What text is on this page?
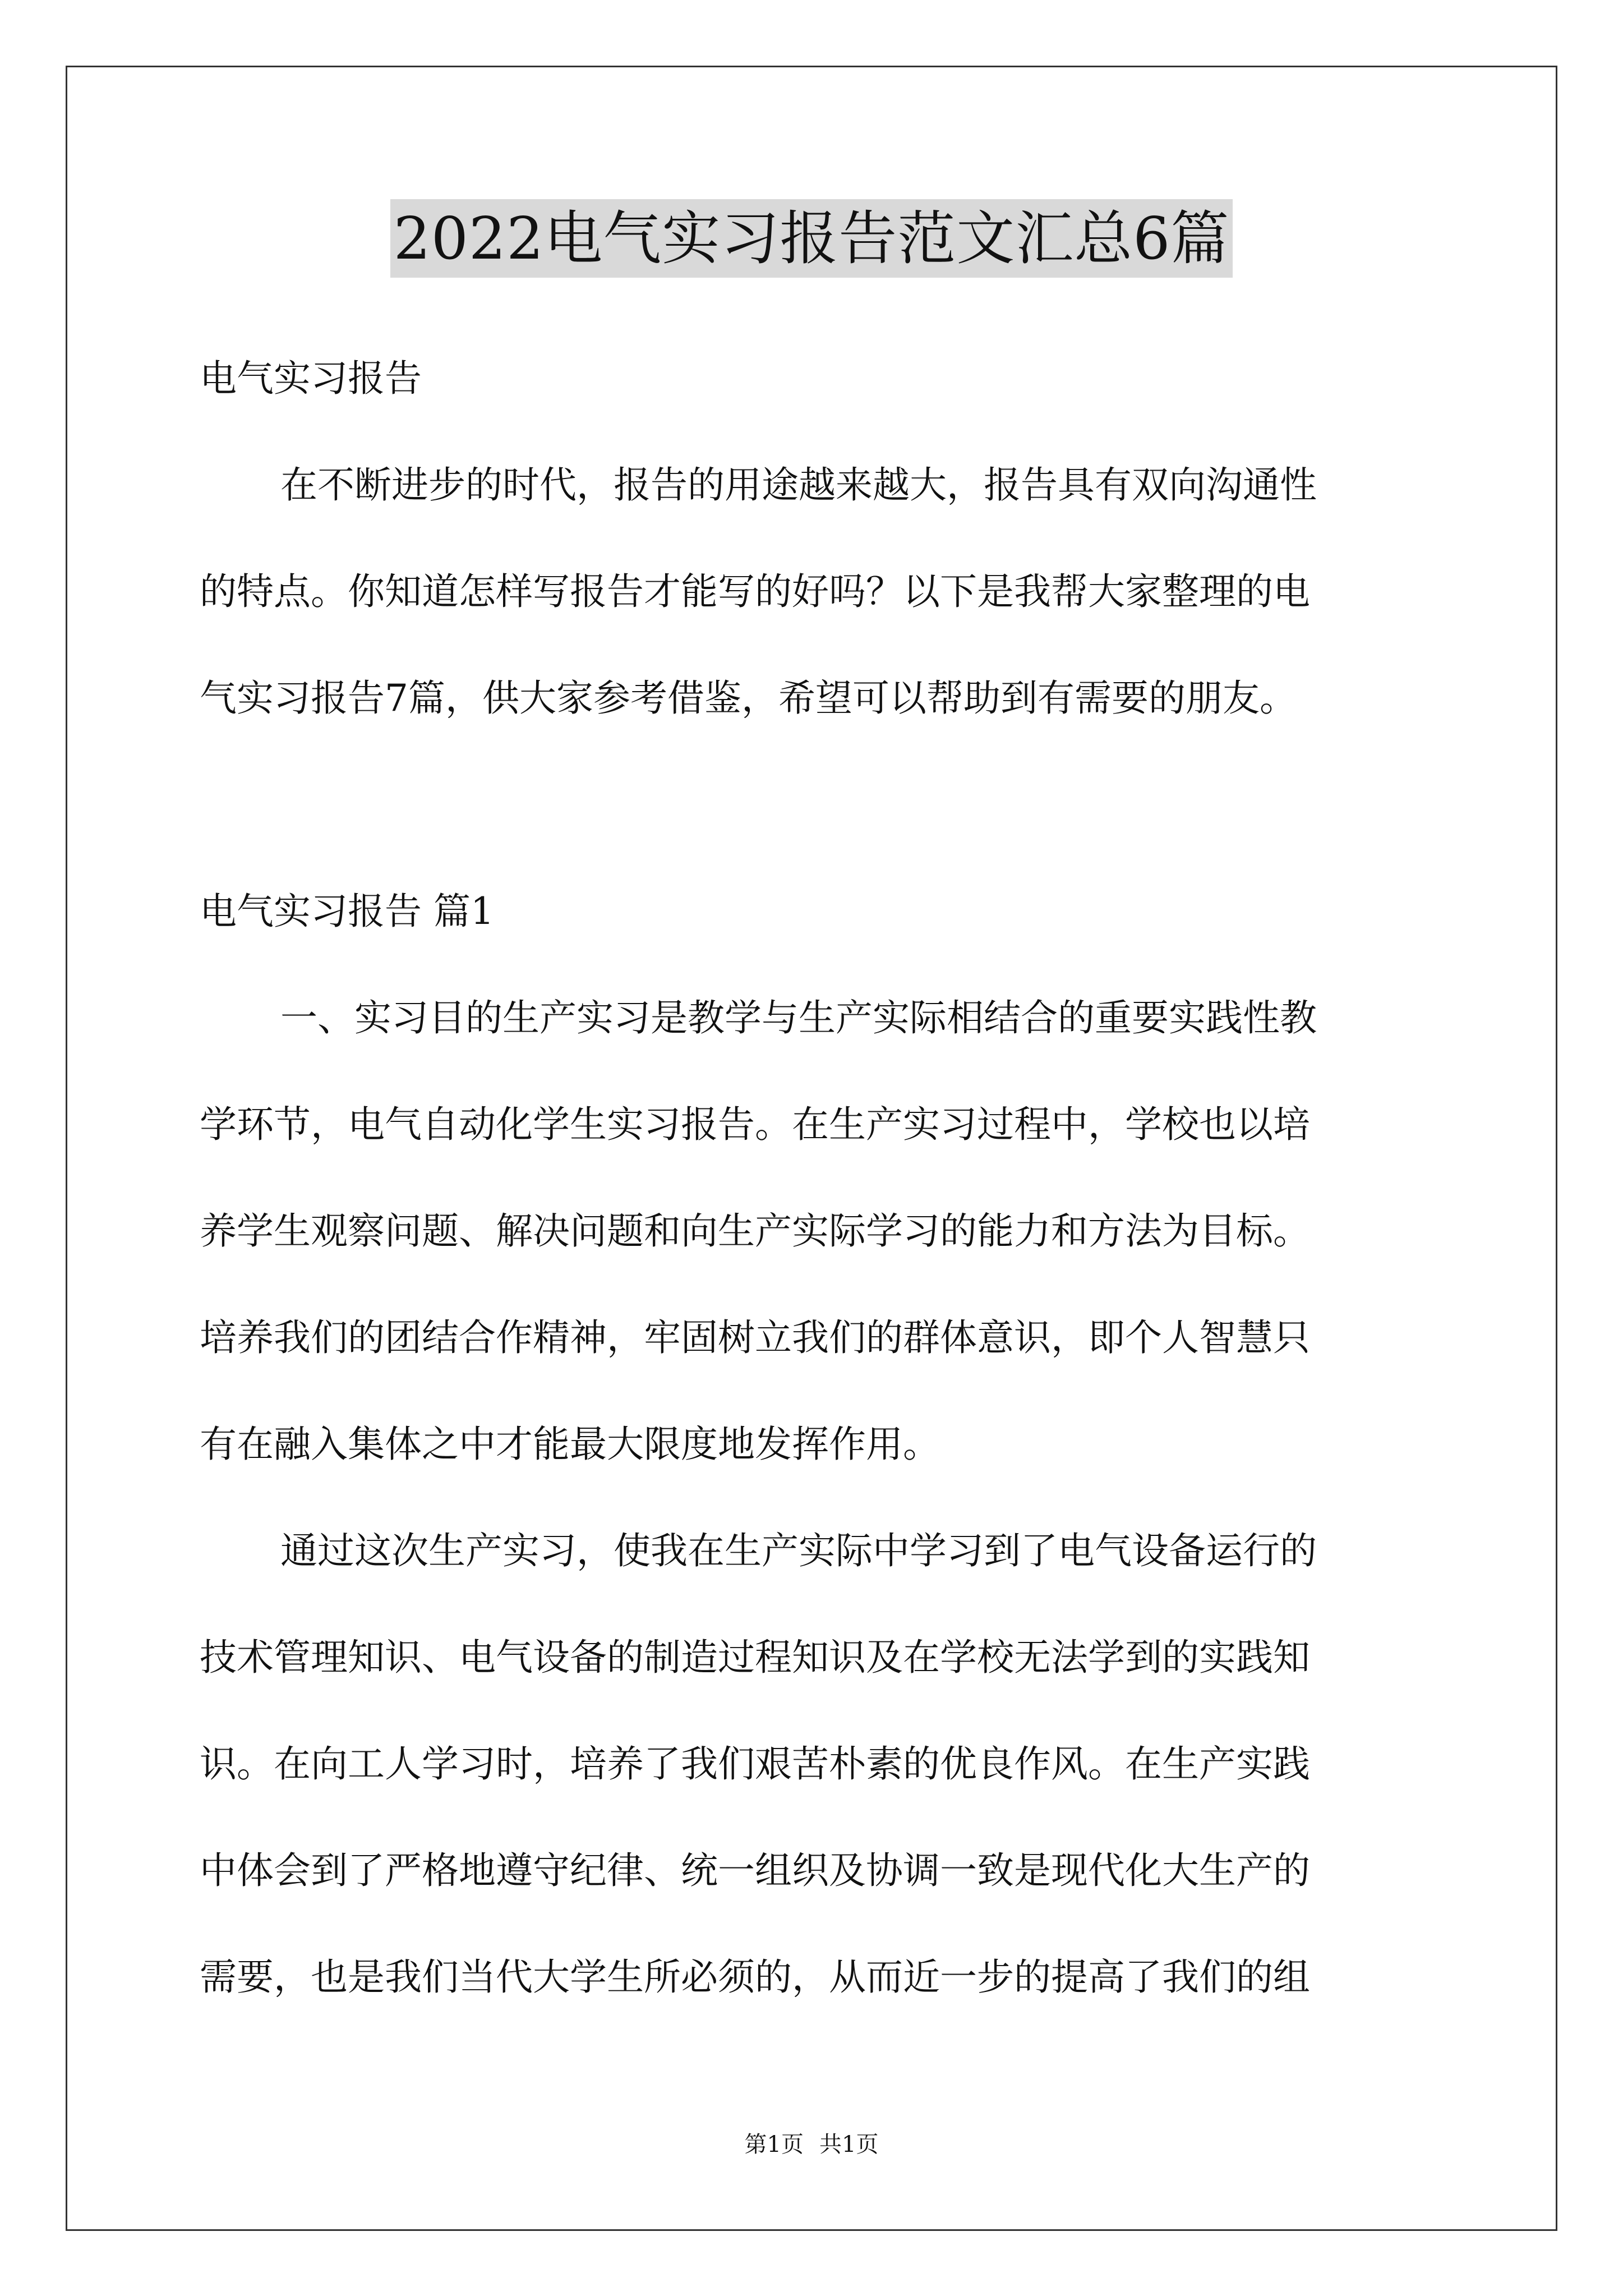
2022电气实习报告范文汇总6篇
电气实习报告
在不断进步的时代，报告的用途越来越大，报告具有双向沟通性
的特点。你知道怎样写报告才能写的好吗？以下是我帮大家整理的电
气实习报告7篇，供大家参考借鉴，希望可以帮助到有需要的朋友。
电气实习报告 篇1
一、实习目的生产实习是教学与生产实际相结合的重要实践性教
学环节，电气自动化学生实习报告。在生产实习过程中，学校也以培
养学生观察问题、解决问题和向生产实际学习的能力和方法为目标。
培养我们的团结合作精神，牢固树立我们的群体意识，即个人智慧只
有在融入集体之中才能最大限度地发挥作用。
通过这次生产实习，使我在生产实际中学习到了电气设备运行的
技术管理知识、电气设备的制造过程知识及在学校无法学到的实践知
识。在向工人学习时，培养了我们艰苦朴素的优良作风。在生产实践
中体会到了严格地遵守纪律、统一组织及协调一致是现代化大生产的
需要，也是我们当代大学生所必须的，从而近一步的提高了我们的组
第1页 共1页
